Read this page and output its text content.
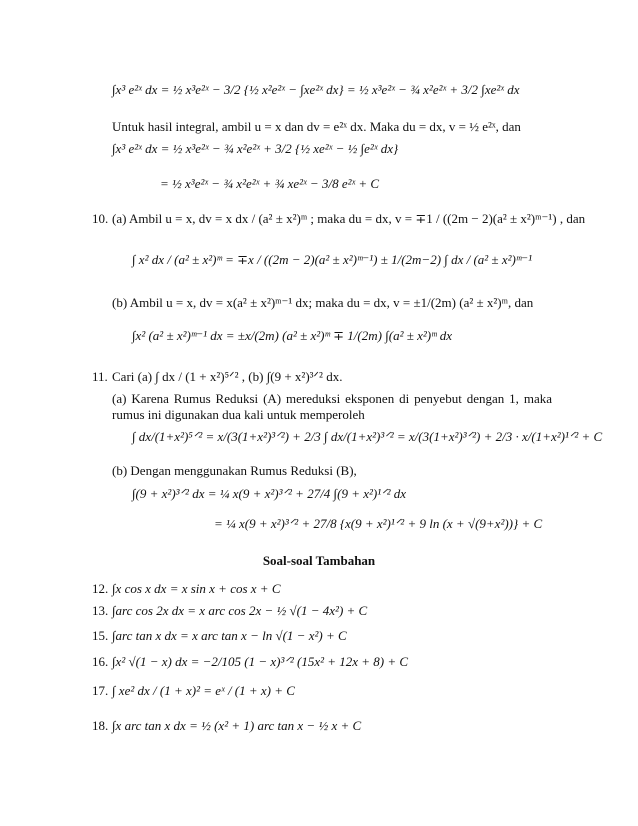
∫x³ e²ˣ dx = ½ x³e²ˣ − 3/2 {½ x²e²ˣ − ∫xe²ˣ dx} = ½ x³e²ˣ − ¾ x²e²ˣ + 3/2 ∫xe²ˣ dx
Untuk hasil integral, ambil u = x dan dv = e²ˣ dx. Maka du = dx, v = ½ e²ˣ, dan
∫x³ e²ˣ dx = ½ x³e²ˣ − ¾ x²e²ˣ + 3/2 {½ xe²ˣ − ½ ∫e²ˣ dx}
= ½ x³e²ˣ − ¾ x²e²ˣ + ¾ xe²ˣ − 3/8 e²ˣ + C
10. (a) Ambil u = x, dv = x dx / (a² ± x²)ᵐ ; maka du = dx, v = ∓1 / ((2m − 2)(a² ± x²)ᵐ⁻¹) , dan
∫ x² dx / (a² ± x²)ᵐ = ∓x / ((2m − 2)(a² ± x²)ᵐ⁻¹) ± 1/(2m−2) ∫ dx / (a² ± x²)ᵐ⁻¹
(b) Ambil u = x, dv = x(a² ± x²)ᵐ⁻¹ dx; maka du = dx, v = ±1/(2m) (a² ± x²)ᵐ, dan
∫x² (a² ± x²)ᵐ⁻¹ dx = ±x/(2m) (a² ± x²)ᵐ ∓ 1/(2m) ∫(a² ± x²)ᵐ dx
11. Cari (a) ∫ dx / (1 + x²)⁵ᐟ² , (b) ∫(9 + x²)³ᐟ² dx.
(a) Karena Rumus Reduksi (A) mereduksi eksponen di penyebut dengan 1, maka rumus ini digunakan dua kali untuk memperoleh
∫ dx/(1+x²)⁵ᐟ² = x/(3(1+x²)³ᐟ²) + 2/3 ∫ dx/(1+x²)³ᐟ² = x/(3(1+x²)³ᐟ²) + 2/3 · x/(1+x²)¹ᐟ² + C
(b) Dengan menggunakan Rumus Reduksi (B),
∫(9 + x²)³ᐟ² dx = ¼ x(9 + x²)³ᐟ² + 27/4 ∫(9 + x²)¹ᐟ² dx
= ¼ x(9 + x²)³ᐟ² + 27/8 {x(9 + x²)¹ᐟ² + 9 ln (x + √(9+x²))} + C
Soal-soal Tambahan
12. ∫x cos x dx = x sin x + cos x + C
13. ∫arc cos 2x dx = x arc cos 2x − ½ √(1 − 4x²) + C
15. ∫arc tan x dx = x arc tan x − ln √(1 − x²) + C
16. ∫x² √(1 − x) dx = −2/105 (1 − x)³ᐟ² (15x² + 12x + 8) + C
17. ∫ xe² dx / (1 + x)² = eˣ / (1 + x) + C
18. ∫x arc tan x dx = ½ (x² + 1) arc tan x − ½ x + C
